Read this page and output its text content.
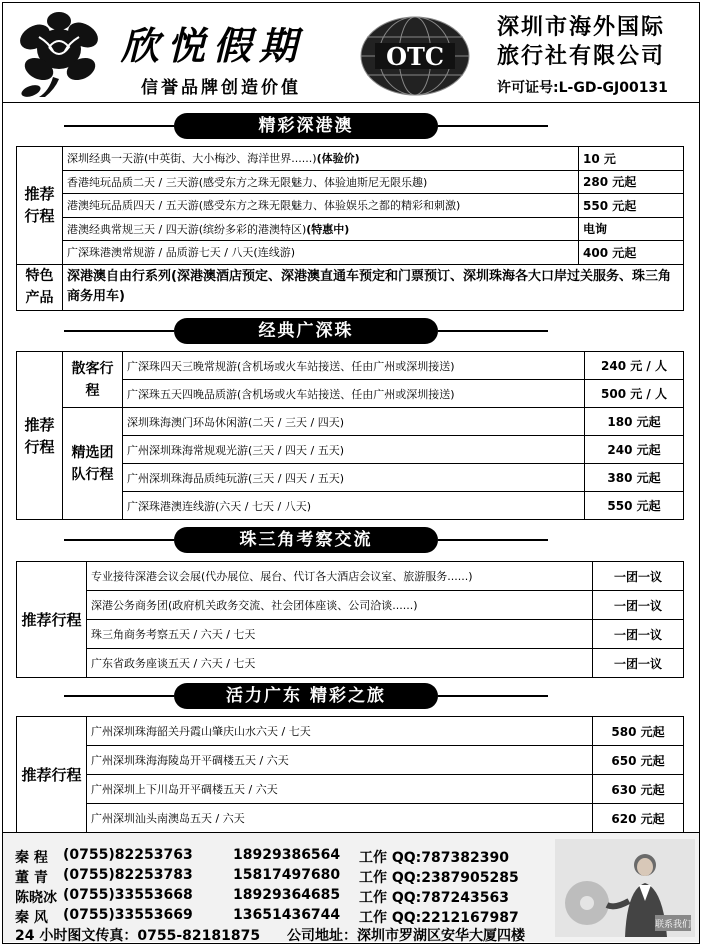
欣悦假期
信誉品牌创造价值
OTC
深圳市海外国际
旅行社有限公司
许可证号:L-GD-GJ00131
精彩深港澳
推荐行程	深圳经典一天游(中英街、大小梅沙、海洋世界......)(体验价)	10 元
	香港纯玩品质二天 / 三天游(感受东方之珠无限魅力、体验迪斯尼无限乐趣)	280 元起
	港澳纯玩品质四天 / 五天游(感受东方之珠无限魅力、体验娱乐之都的精彩和刺激)	550 元起
	港澳经典常规三天 / 四天游(缤纷多彩的港澳特区)(特惠中)	电询
	广深珠港澳常规游 / 品质游七天 / 八天(连线游)	400 元起
特色产品	深港澳自由行系列(深港澳酒店预定、深港澳直通车预定和门票预订、深圳珠海各大口岸过关服务、珠三角商务用车)	
经典广深珠
推荐行程	散客行程	广深珠四天三晚常规游(含机场或火车站接送、任由广州或深圳接送)	240 元 / 人
		广深珠五天四晚品质游(含机场或火车站接送、任由广州或深圳接送)	500 元 / 人
	精选团队行程	深圳珠海澳门环岛休闲游(二天 / 三天 / 四天)	180 元起
		广州深圳珠海常规观光游(三天 / 四天 / 五天)	240 元起
		广州深圳珠海品质纯玩游(三天 / 四天 / 五天)	380 元起
		广深珠港澳连线游(六天 / 七天 / 八天)	550 元起
珠三角考察交流
推荐行程	专业接待深港会议会展(代办展位、展台、代订各大酒店会议室、旅游服务......)	一团一议
	深港公务商务团(政府机关政务交流、社会团体座谈、公司洽谈......)	一团一议
	珠三角商务考察五天 / 六天 / 七天	一团一议
	广东省政务座谈五天 / 六天 / 七天	一团一议
活力广东 精彩之旅
推荐行程	广州深圳珠海韶关丹霞山肇庆山水六天 / 七天	580 元起
	广州深圳珠海海陵岛开平碉楼五天 / 六天	650 元起
	广州深圳上下川岛开平碉楼五天 / 六天	630 元起
	广州深圳汕头南澳岛五天 / 六天	620 元起
秦 程 (0755)82253763	18929386564 工作 QQ:787382390
董 青 (0755)82253783	15817497680 工作 QQ:2387905285
陈晓冰 (0755)33553668	18929364685 工作 QQ:787243563
秦 风 (0755)33553669	13651436744 工作 QQ:2212167987
24 小时图文传真：0755-82181875 公司地址：深圳市罗湖区安华大厦四楼
联系我们
